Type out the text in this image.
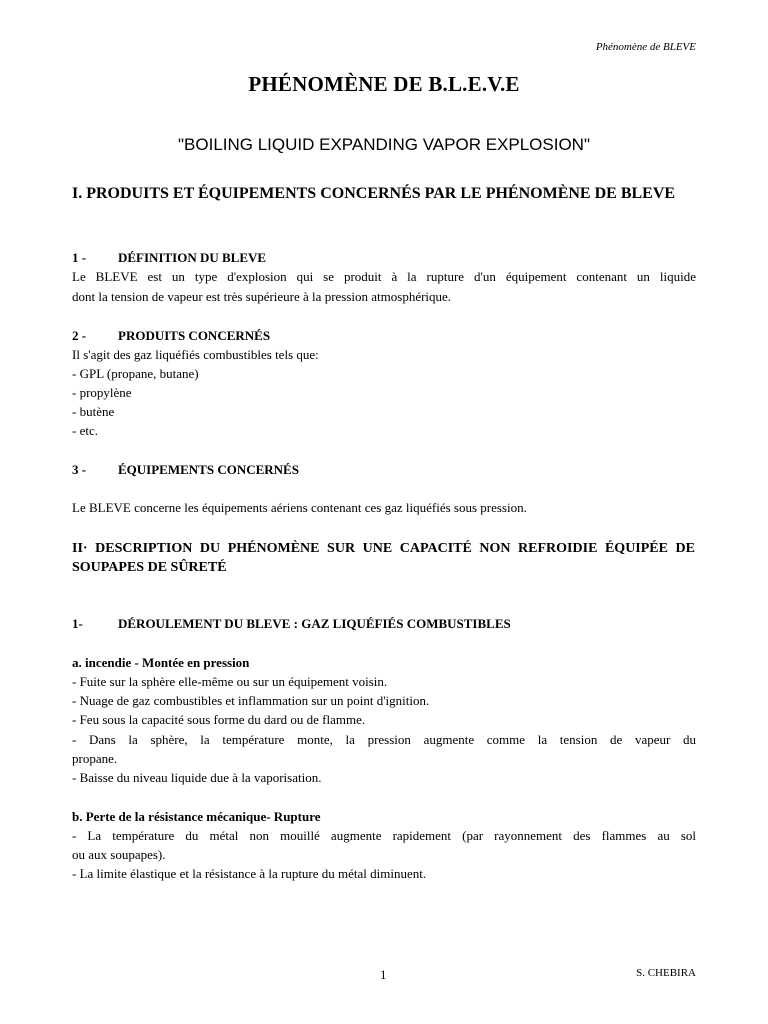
Phénomène de BLEVE
PHÉNOMÈNE DE B.L.E.V.E
"BOILING LIQUID EXPANDING VAPOR EXPLOSION"
I. PRODUITS ET ÉQUIPEMENTS CONCERNÉS PAR LE PHÉNOMÈNE DE BLEVE
1 - DÉFINITION DU BLEVE
Le BLEVE est un type d'explosion qui se produit à la rupture d'un équipement contenant un liquide
dont la tension de vapeur est très supérieure à la pression atmosphérique.
2 - PRODUITS CONCERNÉS
Il s'agit des gaz liquéfiés combustibles tels que:
- GPL (propane, butane)
- propylène
- butène
- etc.
3 - ÉQUIPEMENTS CONCERNÉS
Le BLEVE concerne les équipements aériens contenant ces gaz liquéfiés sous pression.
II· DESCRIPTION DU PHÉNOMÈNE SUR UNE CAPACITÉ NON REFROIDIE ÉQUIPÉE DE SOUPAPES DE SÛRETÉ
1-	DÉROULEMENT DU BLEVE : GAZ LIQUÉFIÉS COMBUSTIBLES
a. incendie - Montée en pression
- Fuite sur la sphère elle-même ou sur un équipement voisin.
- Nuage de gaz combustibles et inflammation sur un point d'ignition.
- Feu sous la capacité sous forme du dard ou de flamme.
- Dans la sphère, la température monte, la pression augmente comme la tension de vapeur du
propane.
- Baisse du niveau liquide due à la vaporisation.
b. Perte de la résistance mécanique- Rupture
- La température du métal non mouillé augmente rapidement (par rayonnement des flammes au sol
ou aux soupapes).
- La limite élastique et la résistance à la rupture du métal diminuent.
1	S. CHEBIRA
